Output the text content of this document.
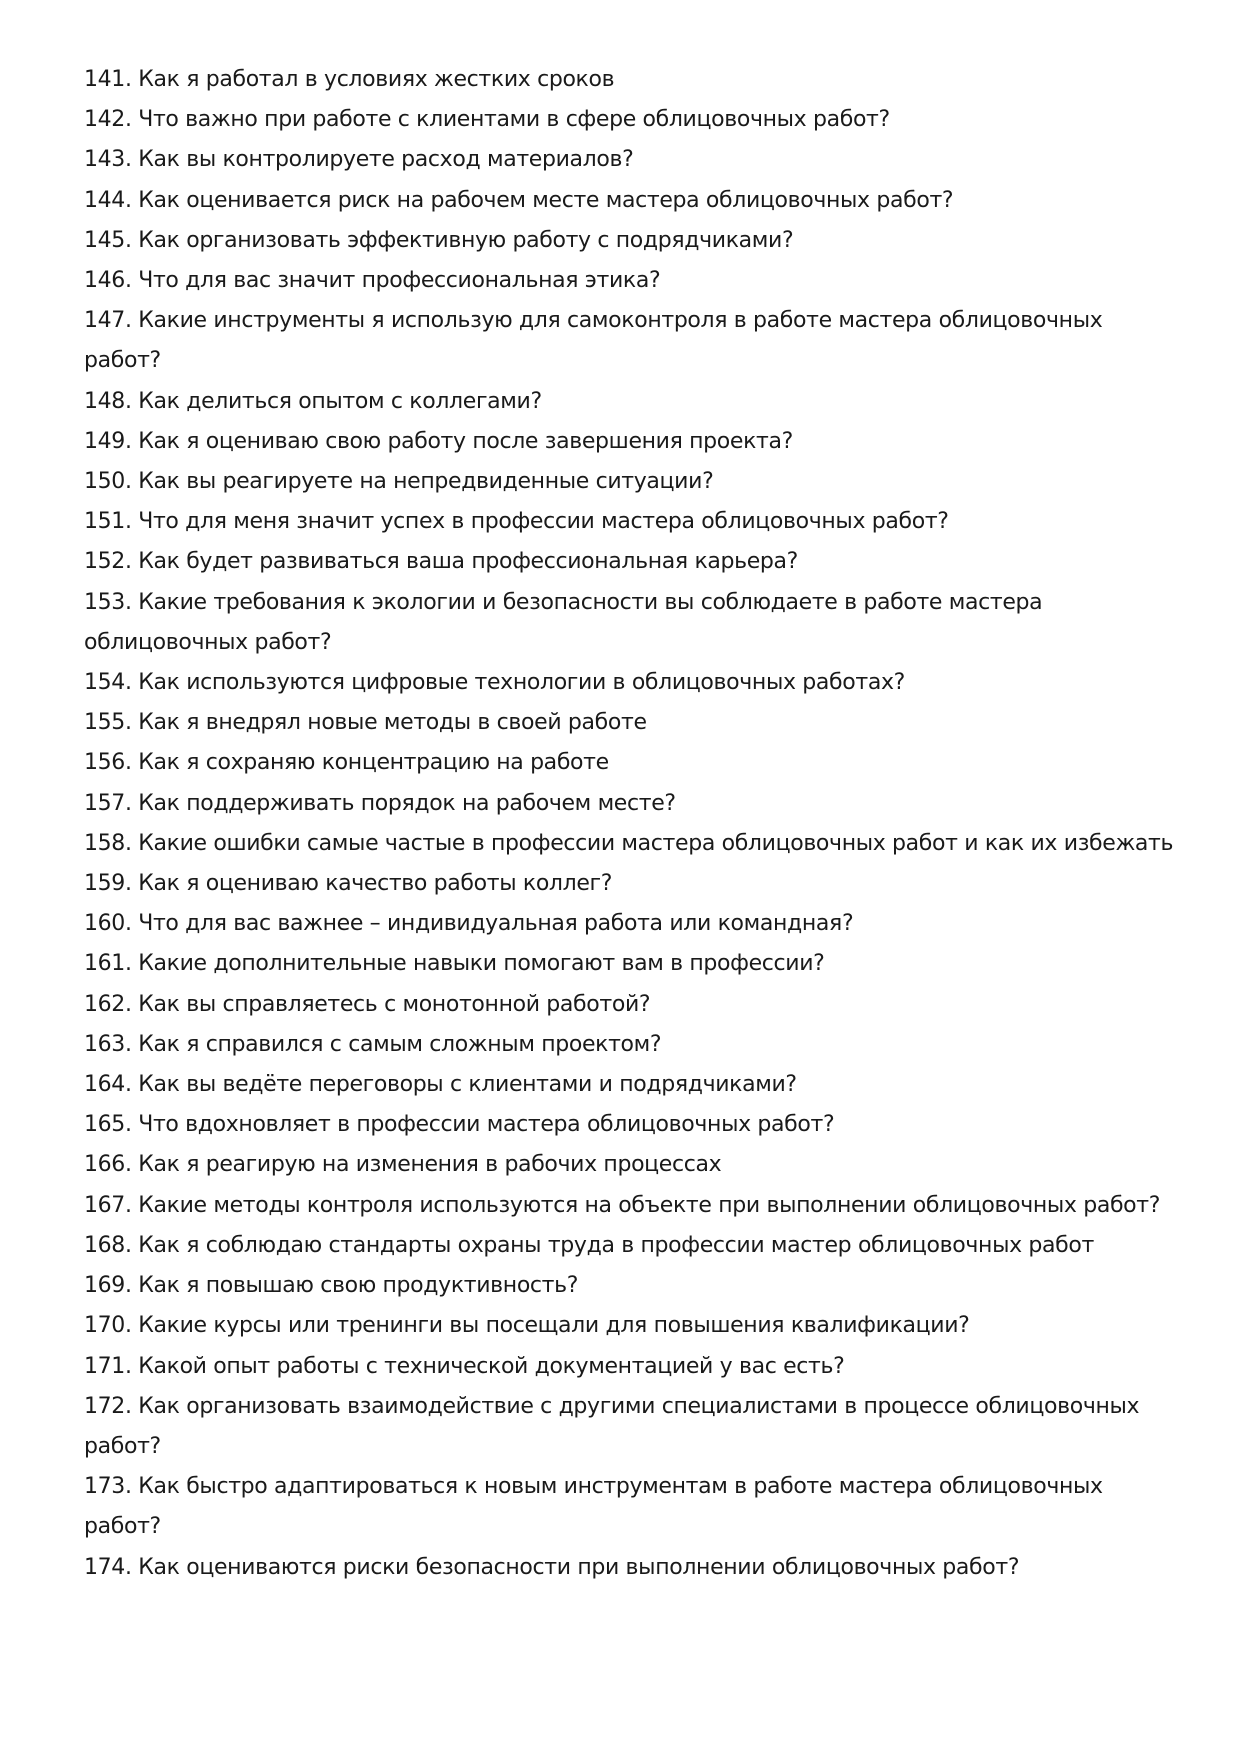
141. Как я работал в условиях жестких сроков

142. Что важно при работе с клиентами в сфере облицовочных работ?

143. Как вы контролируете расход материалов?

144. Как оценивается риск на рабочем месте мастера облицовочных работ?

145. Как организовать эффективную работу с подрядчиками?

146. Что для вас значит профессиональная этика?

147. Какие инструменты я использую для самоконтроля в работе мастера облицовочных работ?

148. Как делиться опытом с коллегами?

149. Как я оцениваю свою работу после завершения проекта?

150. Как вы реагируете на непредвиденные ситуации?

151. Что для меня значит успех в профессии мастера облицовочных работ?

152. Как будет развиваться ваша профессиональная карьера?

153. Какие требования к экологии и безопасности вы соблюдаете в работе мастера облицовочных работ?

154. Как используются цифровые технологии в облицовочных работах?

155. Как я внедрял новые методы в своей работе

156. Как я сохраняю концентрацию на работе

157. Как поддерживать порядок на рабочем месте?

158. Какие ошибки самые частые в профессии мастера облицовочных работ и как их избежать

159. Как я оцениваю качество работы коллег?

160. Что для вас важнее – индивидуальная работа или командная?

161. Какие дополнительные навыки помогают вам в профессии?

162. Как вы справляетесь с монотонной работой?

163. Как я справился с самым сложным проектом?

164. Как вы ведёте переговоры с клиентами и подрядчиками?

165. Что вдохновляет в профессии мастера облицовочных работ?

166. Как я реагирую на изменения в рабочих процессах

167. Какие методы контроля используются на объекте при выполнении облицовочных работ?

168. Как я соблюдаю стандарты охраны труда в профессии мастер облицовочных работ

169. Как я повышаю свою продуктивность?

170. Какие курсы или тренинги вы посещали для повышения квалификации?

171. Какой опыт работы с технической документацией у вас есть?

172. Как организовать взаимодействие с другими специалистами в процессе облицовочных работ?

173. Как быстро адаптироваться к новым инструментам в работе мастера облицовочных работ?

174. Как оцениваются риски безопасности при выполнении облицовочных работ?
